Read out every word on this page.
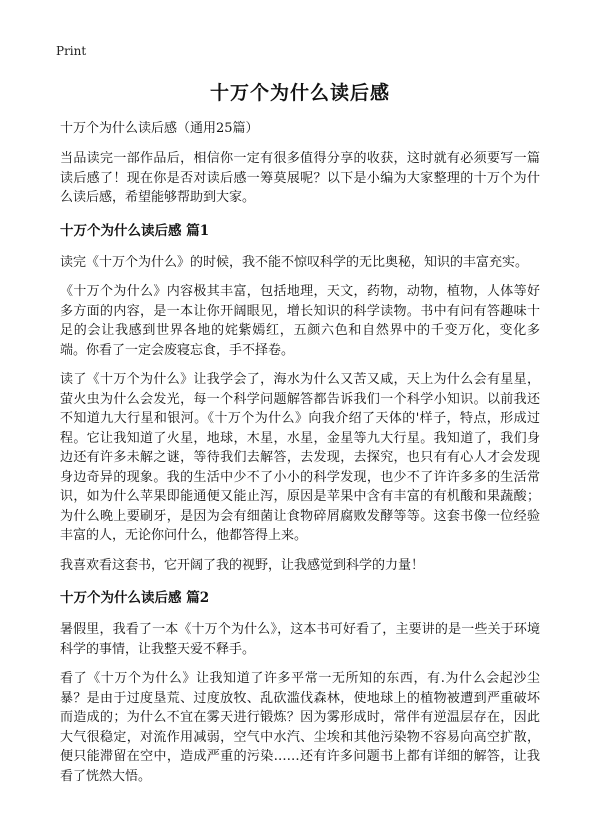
Print
十万个为什么读后感
十万个为什么读后感（通用25篇）

当品读完一部作品后，相信你一定有很多值得分享的收获，这时就有必须要写一篇读后感了！现在你是否对读后感一筹莫展呢？以下是小编为大家整理的十万个为什么读后感，希望能够帮助到大家。

十万个为什么读后感 篇1

读完《十万个为什么》的时候，我不能不惊叹科学的无比奥秘，知识的丰富充实。

《十万个为什么》内容极其丰富，包括地理，天文，药物，动物，植物，人体等好多方面的内容，是一本让你开阔眼见，增长知识的科学读物。书中有问有答趣味十足的会让我感到世界各地的姹紫嫣红，五颜六色和自然界中的千变万化，变化多端。你看了一定会废寝忘食，手不择卷。

读了《十万个为什么》让我学会了，海水为什么又苦又咸，天上为什么会有星星，萤火虫为什么会发光，每一个科学问题解答都告诉我们一个科学小知识。以前我还不知道九大行星和银河。《十万个为什么》向我介绍了天体的'样子，特点，形成过程。它让我知道了火星，地球，木星，水星，金星等九大行星。我知道了，我们身边还有许多未解之谜，等待我们去解答，去发现，去探究，也只有有心人才会发现身边奇异的现象。我的生活中少不了小小的科学发现，也少不了许许多多的生活常识，如为什么苹果即能通便又能止泻，原因是苹果中含有丰富的有机酸和果蔬酸；为什么晚上要刷牙，是因为会有细菌让食物碎屑腐败发酵等等。这套书像一位经验丰富的人，无论你问什么，他都答得上来。

我喜欢看这套书，它开阔了我的视野，让我感觉到科学的力量！

十万个为什么读后感 篇2

暑假里，我看了一本《十万个为什么》，这本书可好看了，主要讲的是一些关于环境科学的事情，让我整天爱不释手。

看了《十万个为什么》让我知道了许多平常一无所知的东西，有.为什么会起沙尘暴？是由于过度垦荒、过度放牧、乱砍滥伐森林，使地球上的植物被遭到严重破坏而造成的；为什么不宜在雾天进行锻炼？因为雾形成时，常伴有逆温层存在，因此大气很稳定，对流作用减弱，空气中水汽、尘埃和其他污染物不容易向高空扩散，便只能滞留在空中，造成严重的污染……还有许多问题书上都有详细的解答，让我看了恍然大悟。
